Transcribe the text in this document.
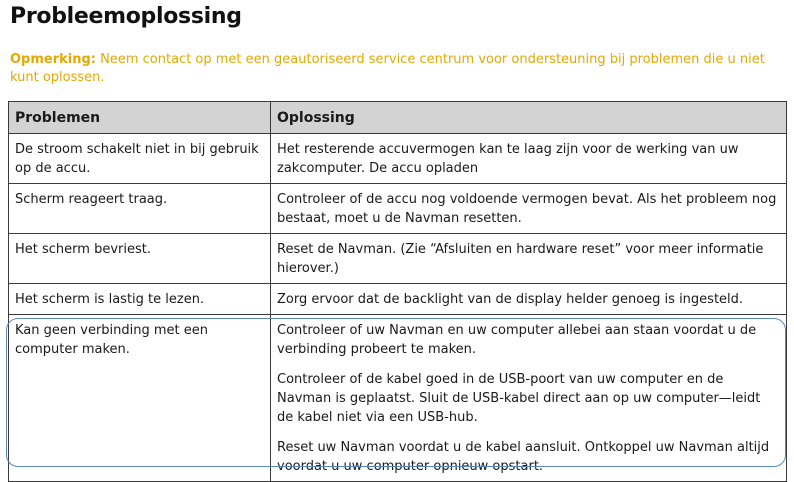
Probleemoplossing
Opmerking: Neem contact op met een geautoriseerd service centrum voor ondersteuning bij problemen die u niet kunt oplossen.
Problemen	Oplossing
De stroom schakelt niet in bij gebruik op de accu.	Het resterende accuvermogen kan te laag zijn voor de werking van uw zakcomputer. De accu opladen

Scherm reageert traag.	Controleer of de accu nog voldoende vermogen bevat. Als het probleem nog bestaat, moet u de Navman resetten.

Het scherm bevriest.	Reset de Navman. (Zie “Afsluiten en hardware reset” voor meer informatie hierover.)

Het scherm is lastig te lezen.	Zorg ervoor dat de backlight van de display helder genoeg is ingesteld.

Kan geen verbinding met een computer maken.	Controleer of uw Navman en uw computer allebei aan staan voordat u de verbinding probeert te maken.

Controleer of de kabel goed in de USB-poort van uw computer en de Navman is geplaatst. Sluit de USB-kabel direct aan op uw computer—leidt de kabel niet via een USB-hub.

Reset uw Navman voordat u de kabel aansluit. Ontkoppel uw Navman altijd voordat u uw computer opnieuw opstart.
